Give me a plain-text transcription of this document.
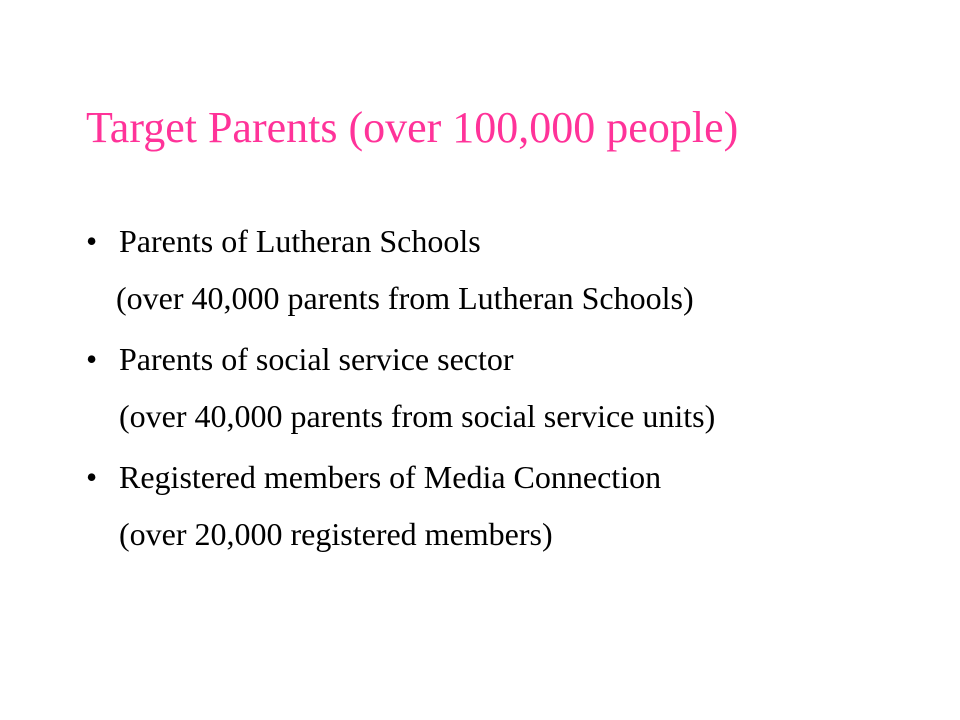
Target Parents (over 100,000 people)
• Parents of Lutheran Schools
(over 40,000 parents from Lutheran Schools)
• Parents of social service sector
(over 40,000 parents from social service units)
• Registered members of Media Connection
(over 20,000 registered members)
